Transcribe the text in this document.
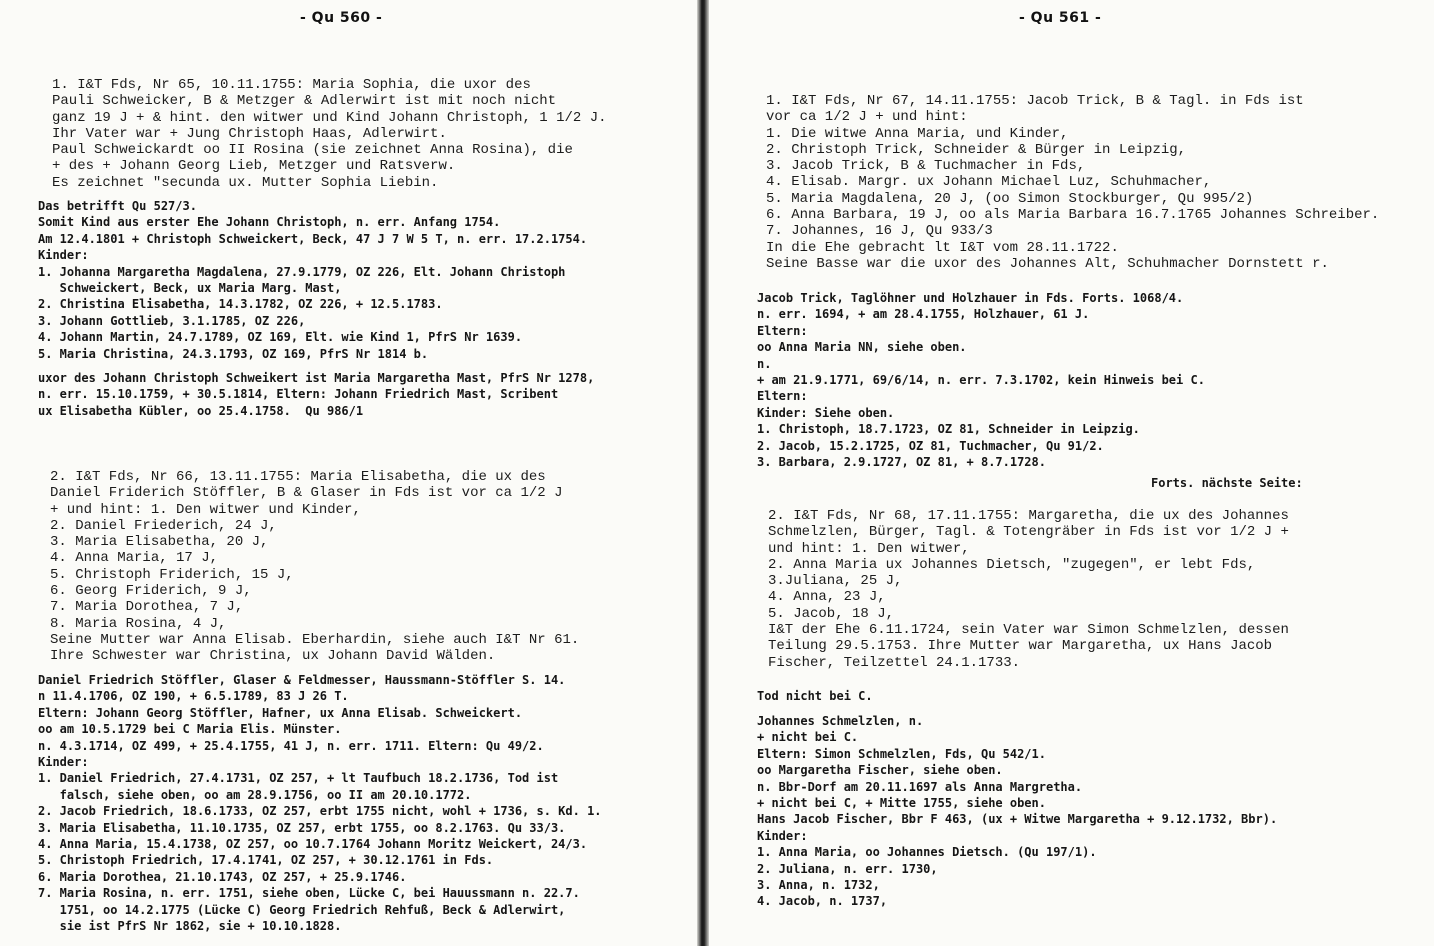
- Qu 560 -
1. I&T Fds, Nr 65, 10.11.1755: Maria Sophia, die uxor des
Pauli Schweicker, B & Metzger & Adlerwirt ist mit noch nicht
ganz 19 J + & hint. den witwer und Kind Johann Christoph, 1 1/2 J.
Ihr Vater war + Jung Christoph Haas, Adlerwirt.
Paul Schweickardt oo II Rosina (sie zeichnet Anna Rosina), die
+ des + Johann Georg Lieb, Metzger und Ratsverw.
Es zeichnet "secunda ux. Mutter Sophia Liebin.
Das betrifft Qu 527/3.
Somit Kind aus erster Ehe Johann Christoph, n. err. Anfang 1754.
Am 12.4.1801 + Christoph Schweickert, Beck, 47 J 7 W 5 T, n. err. 17.2.1754.
Kinder:
1. Johanna Margaretha Magdalena, 27.9.1779, OZ 226, Elt. Johann Christoph
Schweickert, Beck, ux Maria Marg. Mast,
2. Christina Elisabetha, 14.3.1782, OZ 226, + 12.5.1783.
3. Johann Gottlieb, 3.1.1785, OZ 226,
4. Johann Martin, 24.7.1789, OZ 169, Elt. wie Kind 1, PfrS Nr 1639.
5. Maria Christina, 24.3.1793, OZ 169, PfrS Nr 1814 b.
uxor des Johann Christoph Schweikert ist Maria Margaretha Mast, PfrS Nr 1278,
n. err. 15.10.1759, + 30.5.1814, Eltern: Johann Friedrich Mast, Scribent
ux Elisabetha Kübler, oo 25.4.1758.  Qu 986/1
2. I&T Fds, Nr 66, 13.11.1755: Maria Elisabetha, die ux des
Daniel Friderich Stöffler, B & Glaser in Fds ist vor ca 1/2 J
+ und hint: 1. Den witwer und Kinder,
2. Daniel Friederich, 24 J,
3. Maria Elisabetha, 20 J,
4. Anna Maria, 17 J,
5. Christoph Friderich, 15 J,
6. Georg Friderich, 9 J,
7. Maria Dorothea, 7 J,
8. Maria Rosina, 4 J,
Seine Mutter war Anna Elisab. Eberhardin, siehe auch I&T Nr 61.
Ihre Schwester war Christina, ux Johann David Wälden.
Daniel Friedrich Stöffler, Glaser & Feldmesser, Haussmann-Stöffler S. 14.
n 11.4.1706, OZ 190, + 6.5.1789, 83 J 26 T.
Eltern: Johann Georg Stöffler, Hafner, ux Anna Elisab. Schweickert.
oo am 10.5.1729 bei C Maria Elis. Münster.
n. 4.3.1714, OZ 499, + 25.4.1755, 41 J, n. err. 1711. Eltern: Qu 49/2.
Kinder:
1. Daniel Friedrich, 27.4.1731, OZ 257, + lt Taufbuch 18.2.1736, Tod ist
falsch, siehe oben, oo am 28.9.1756, oo II am 20.10.1772.
2. Jacob Friedrich, 18.6.1733, OZ 257, erbt 1755 nicht, wohl + 1736, s. Kd. 1.
3. Maria Elisabetha, 11.10.1735, OZ 257, erbt 1755, oo 8.2.1763. Qu 33/3.
4. Anna Maria, 15.4.1738, OZ 257, oo 10.7.1764 Johann Moritz Weickert, 24/3.
5. Christoph Friedrich, 17.4.1741, OZ 257, + 30.12.1761 in Fds.
6. Maria Dorothea, 21.10.1743, OZ 257, + 25.9.1746.
7. Maria Rosina, n. err. 1751, siehe oben, Lücke C, bei Hauussmann n. 22.7.
1751, oo 14.2.1775 (Lücke C) Georg Friedrich Rehfuß, Beck & Adlerwirt,
sie ist PfrS Nr 1862, sie + 10.10.1828.
- Qu 561 -
1. I&T Fds, Nr 67, 14.11.1755: Jacob Trick, B & Tagl. in Fds ist
vor ca 1/2 J + und hint:
1. Die witwe Anna Maria, und Kinder,
2. Christoph Trick, Schneider & Bürger in Leipzig,
3. Jacob Trick, B & Tuchmacher in Fds,
4. Elisab. Margr. ux Johann Michael Luz, Schuhmacher,
5. Maria Magdalena, 20 J, (oo Simon Stockburger, Qu 995/2)
6. Anna Barbara, 19 J, oo als Maria Barbara 16.7.1765 Johannes Schreiber.
7. Johannes, 16 J, Qu 933/3
In die Ehe gebracht lt I&T vom 28.11.1722.
Seine Basse war die uxor des Johannes Alt, Schuhmacher Dornstett r.
Jacob Trick, Taglöhner und Holzhauer in Fds. Forts. 1068/4.
n. err. 1694, + am 28.4.1755, Holzhauer, 61 J.
Eltern:
oo Anna Maria NN, siehe oben.
n.
+ am 21.9.1771, 69/6/14, n. err. 7.3.1702, kein Hinweis bei C.
Eltern:
Kinder: Siehe oben.
1. Christoph, 18.7.1723, OZ 81, Schneider in Leipzig.
2. Jacob, 15.2.1725, OZ 81, Tuchmacher, Qu 91/2.
3. Barbara, 2.9.1727, OZ 81, + 8.7.1728.
Forts. nächste Seite:
2. I&T Fds, Nr 68, 17.11.1755: Margaretha, die ux des Johannes
Schmelzlen, Bürger, Tagl. & Totengräber in Fds ist vor 1/2 J +
und hint: 1. Den witwer,
2. Anna Maria ux Johannes Dietsch, "zugegen", er lebt Fds,
3.Juliana, 25 J,
4. Anna, 23 J,
5. Jacob, 18 J,
I&T der Ehe 6.11.1724, sein Vater war Simon Schmelzlen, dessen
Teilung 29.5.1753. Ihre Mutter war Margaretha, ux Hans Jacob
Fischer, Teilzettel 24.1.1733.
Tod nicht bei C.
Johannes Schmelzlen, n.
+ nicht bei C.
Eltern: Simon Schmelzlen, Fds, Qu 542/1.
oo Margaretha Fischer, siehe oben.
n. Bbr-Dorf am 20.11.1697 als Anna Margretha.
+ nicht bei C, + Mitte 1755, siehe oben.
Hans Jacob Fischer, Bbr F 463, (ux + Witwe Margaretha + 9.12.1732, Bbr).
Kinder:
1. Anna Maria, oo Johannes Dietsch. (Qu 197/1).
2. Juliana, n. err. 1730,
3. Anna, n. 1732,
4. Jacob, n. 1737,
